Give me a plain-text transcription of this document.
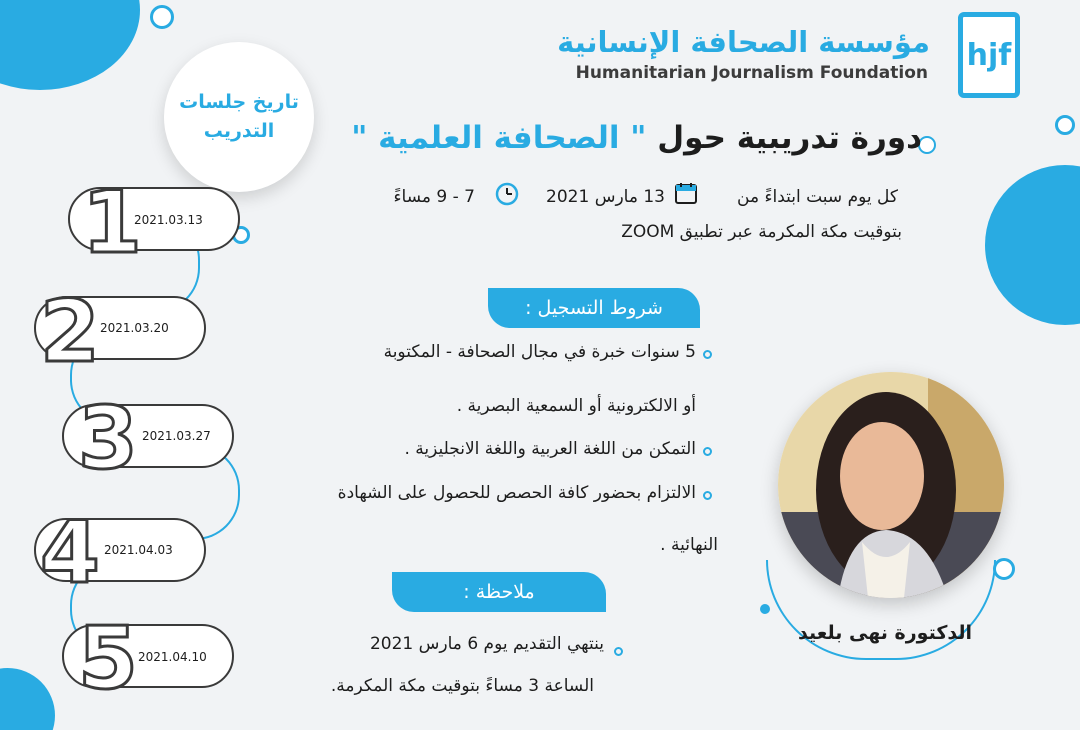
hjf
مؤسسة الصحافة الإنسانية
Humanitarian Journalism Foundation
تاريخ جلسات
التدريب
1
2021.03.13
2 2021.03.20
3 2021.03.27
4 2021.04.03
5 2021.04.10
دورة تدريبية حول " الصحافة العلمية "
كل يوم سبت ابتداءً من
13 مارس 2021
7 - 9 مساءً
بتوقيت مكة المكرمة عبر تطبيق ZOOM
شروط التسجيل :
5 سنوات خبرة في مجال الصحافة - المكتوبة
أو الالكترونية أو السمعية البصرية .
التمكن من اللغة العربية واللغة الانجليزية .
الالتزام بحضور كافة الحصص للحصول على الشهادة
النهائية .
ملاحظة :
ينتهي التقديم يوم 6 مارس 2021
الساعة 3 مساءً بتوقيت مكة المكرمة.
الدكتورة نهى بلعيد
